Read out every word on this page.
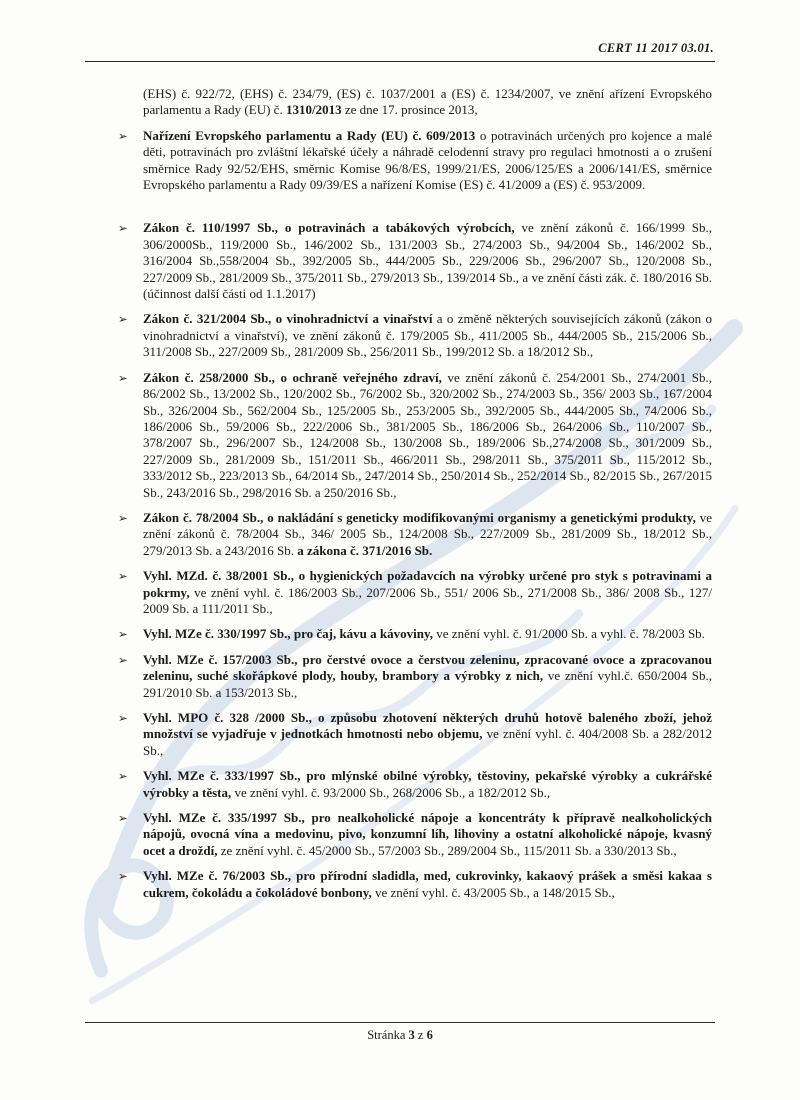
CERT 11 2017 03.01.
(EHS) č. 922/72, (EHS) č. 234/79, (ES) č. 1037/2001 a (ES) č. 1234/2007, ve znění ařízení Evropského parlamentu a Rady (EU) č. 1310/2013 ze dne 17. prosince 2013,
➢	Nařízení Evropského parlamentu a Rady (EU) č. 609/2013 o potravinách určených pro kojence a malé děti, potravinách pro zvláštní lékařské účely a náhradě celodenní stravy pro regulaci hmotnosti a o zrušení směrnice Rady 92/52/EHS, směrnic Komise 96/8/ES, 1999/21/ES, 2006/125/ES a 2006/141/ES, směrnice Evropského parlamentu a Rady 09/39/ES a nařízení Komise (ES) č. 41/2009 a (ES) č. 953/2009.
➢	Zákon č. 110/1997 Sb., o potravinách a tabákových výrobcích, ve znění zákonů č. 166/1999 Sb., 306/2000Sb., 119/2000 Sb., 146/2002 Sb., 131/2003 Sb., 274/2003 Sb., 94/2004 Sb., 146/2002 Sb., 316/2004 Sb.,558/2004 Sb., 392/2005 Sb., 444/2005 Sb., 229/2006 Sb., 296/2007 Sb., 120/2008 Sb., 227/2009 Sb., 281/2009 Sb., 375/2011 Sb., 279/2013 Sb., 139/2014 Sb., a ve znění části zák. č. 180/2016 Sb. (účinnost další části od 1.1.2017)
➢	Zákon č. 321/2004 Sb., o vinohradnictví a vinařství a o změně některých souvisejících zákonů (zákon o vinohradnictví a vinařství), ve znění zákonů č. 179/2005 Sb., 411/2005 Sb., 444/2005 Sb., 215/2006 Sb., 311/2008 Sb., 227/2009 Sb., 281/2009 Sb., 256/2011 Sb., 199/2012 Sb. a 18/2012 Sb.,
➢	Zákon č. 258/2000 Sb., o ochraně veřejného zdraví, ve znění zákonů č. 254/2001 Sb., 274/2001 Sb., 86/2002 Sb., 13/2002 Sb., 120/2002 Sb., 76/2002 Sb., 320/2002 Sb., 274/2003 Sb., 356/ 2003 Sb., 167/2004 Sb., 326/2004 Sb., 562/2004 Sb., 125/2005 Sb., 253/2005 Sb., 392/2005 Sb., 444/2005 Sb., 74/2006 Sb., 186/2006 Sb., 59/2006 Sb., 222/2006 Sb., 381/2005 Sb., 186/2006 Sb., 264/2006 Sb., 110/2007 Sb., 378/2007 Sb., 296/2007 Sb., 124/2008 Sb., 130/2008 Sb., 189/2006 Sb.,274/2008 Sb., 301/2009 Sb., 227/2009 Sb., 281/2009 Sb., 151/2011 Sb., 466/2011 Sb., 298/2011 Sb., 375/2011 Sb., 115/2012 Sb., 333/2012 Sb., 223/2013 Sb., 64/2014 Sb., 247/2014 Sb., 250/2014 Sb., 252/2014 Sb., 82/2015 Sb., 267/2015 Sb., 243/2016 Sb., 298/2016 Sb. a 250/2016 Sb.,
➢	Zákon č. 78/2004 Sb., o nakládání s geneticky modifikovanými organismy a genetickými produkty, ve znění zákonů č. 78/2004 Sb., 346/ 2005 Sb., 124/2008 Sb., 227/2009 Sb., 281/2009 Sb., 18/2012 Sb., 279/2013 Sb. a 243/2016 Sb. a zákona č. 371/2016 Sb.
➢	Vyhl. MZd. č. 38/2001 Sb., o hygienických požadavcích na výrobky určené pro styk s potravinami a pokrmy, ve znění vyhl. č. 186/2003 Sb., 207/2006 Sb., 551/ 2006 Sb., 271/2008 Sb., 386/ 2008 Sb., 127/ 2009 Sb. a 111/2011 Sb.,
➢	Vyhl. MZe č. 330/1997 Sb., pro čaj, kávu a kávoviny, ve znění vyhl. č. 91/2000 Sb. a vyhl. č. 78/2003 Sb.
➢	Vyhl. MZe č. 157/2003 Sb., pro čerstvé ovoce a čerstvou zeleninu, zpracované ovoce a zpracovanou zeleninu, suché skořápkové plody, houby, brambory a výrobky z nich, ve znění vyhl.č. 650/2004 Sb., 291/2010 Sb. a 153/2013 Sb.,
➢	Vyhl. MPO č. 328 /2000 Sb., o způsobu zhotovení některých druhů hotově baleného zboží, jehož množství se vyjadřuje v jednotkách hmotnosti nebo objemu, ve znění vyhl. č. 404/2008 Sb. a 282/2012 Sb.,
➢	Vyhl. MZe č. 333/1997 Sb., pro mlýnské obilné výrobky, těstoviny, pekařské výrobky a cukrářské výrobky a těsta, ve znění vyhl. č. 93/2000 Sb., 268/2006 Sb., a 182/2012 Sb.,
➢	Vyhl. MZe č. 335/1997 Sb., pro nealkoholické nápoje a koncentráty k přípravě nealkoholických nápojů, ovocná vína a medovinu, pivo, konzumní líh, lihoviny a ostatní alkoholické nápoje, kvasný ocet a droždí, ze znění vyhl. č. 45/2000 Sb., 57/2003 Sb., 289/2004 Sb., 115/2011 Sb. a 330/2013 Sb.,
➢	Vyhl. MZe č. 76/2003 Sb., pro přírodní sladidla, med, cukrovinky, kakaový prášek a směsi kakaa s cukrem, čokoládu a čokoládové bonbony, ve znění vyhl. č. 43/2005 Sb., a 148/2015 Sb.,
Stránka 3 z 6
